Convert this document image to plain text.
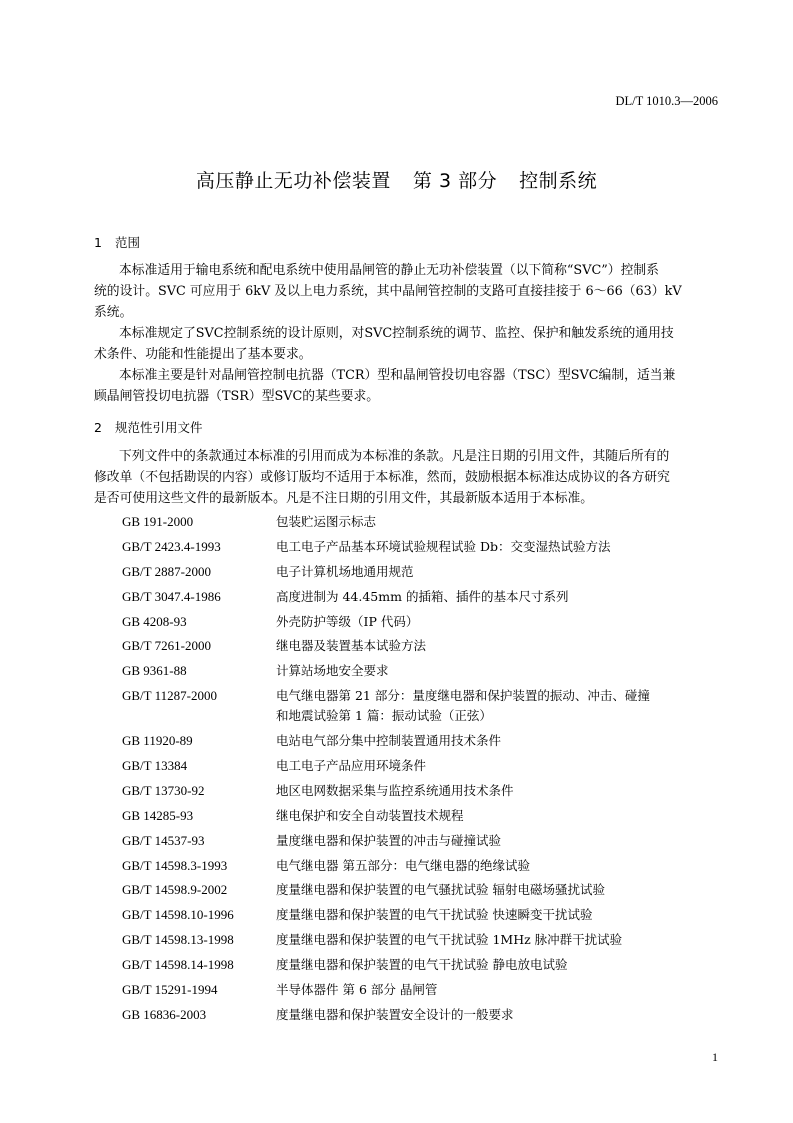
DL/T 1010.3—2006
高压静止无功补偿装置 第 3 部分 控制系统
1 范围
本标准适用于输电系统和配电系统中使用晶闸管的静止无功补偿装置（以下简称“SVC”）控制系
统的设计。SVC 可应用于 6kV 及以上电力系统，其中晶闸管控制的支路可直接挂接于 6～66（63）kV
系统。
本标准规定了SVC控制系统的设计原则，对SVC控制系统的调节、监控、保护和触发系统的通用技
术条件、功能和性能提出了基本要求。
本标准主要是针对晶闸管控制电抗器（TCR）型和晶闸管投切电容器（TSC）型SVC编制，适当兼
顾晶闸管投切电抗器（TSR）型SVC的某些要求。
2 规范性引用文件
下列文件中的条款通过本标准的引用而成为本标准的条款。凡是注日期的引用文件，其随后所有的
修改单（不包括勘误的内容）或修订版均不适用于本标准，然而，鼓励根据本标准达成协议的各方研究
是否可使用这些文件的最新版本。凡是不注日期的引用文件，其最新版本适用于本标准。
GB 191-2000	包装贮运图示标志
GB/T 2423.4-1993	电工电子产品基本环境试验规程试验 Db：交变湿热试验方法
GB/T 2887-2000	电子计算机场地通用规范
GB/T 3047.4-1986	高度进制为 44.45mm 的插箱、插件的基本尺寸系列
GB 4208-93	外壳防护等级（IP 代码）
GB/T 7261-2000	继电器及装置基本试验方法
GB 9361-88	计算站场地安全要求
GB/T 11287-2000	电气继电器第 21 部分：量度继电器和保护装置的振动、冲击、碰撞
和地震试验第 1 篇：振动试验（正弦）
GB 11920-89	电站电气部分集中控制装置通用技术条件
GB/T 13384	电工电子产品应用环境条件
GB/T 13730-92	地区电网数据采集与监控系统通用技术条件
GB 14285-93	继电保护和安全自动装置技术规程
GB/T 14537-93	量度继电器和保护装置的冲击与碰撞试验
GB/T 14598.3-1993	电气继电器 第五部分：电气继电器的绝缘试验
GB/T 14598.9-2002	度量继电器和保护装置的电气骚扰试验 辐射电磁场骚扰试验
GB/T 14598.10-1996	度量继电器和保护装置的电气干扰试验 快速瞬变干扰试验
GB/T 14598.13-1998	度量继电器和保护装置的电气干扰试验 1MHz 脉冲群干扰试验
GB/T 14598.14-1998	度量继电器和保护装置的电气干扰试验 静电放电试验
GB/T 15291-1994	半导体器件 第 6 部分 晶闸管
GB 16836-2003	度量继电器和保护装置安全设计的一般要求
1
